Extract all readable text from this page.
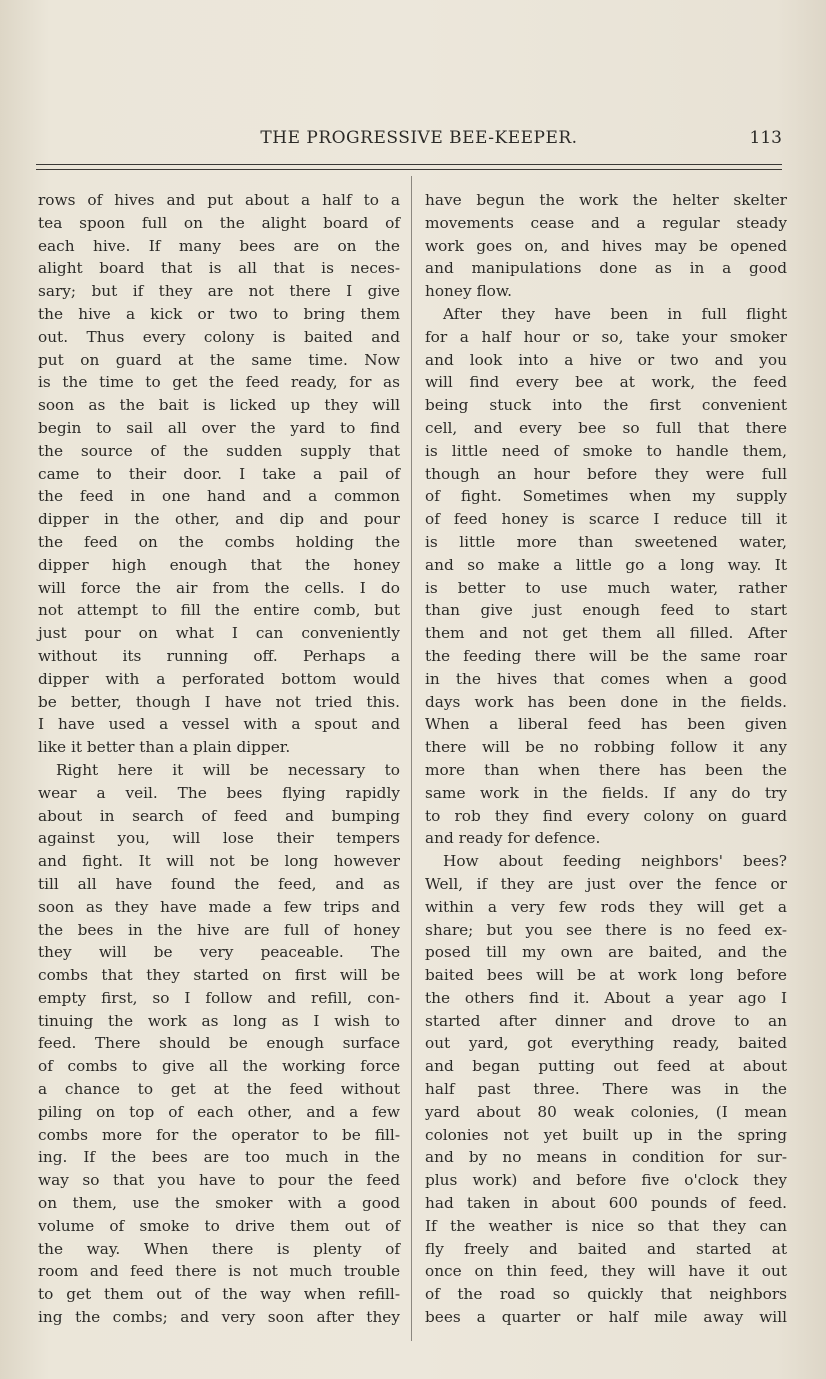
THE PROGRESSIVE BEE-KEEPER.	113
rows of hives and put about a half to a
tea spoon full on the alight board of
each hive. If many bees are on the
alight board that is all that is neces-
sary; but if they are not there I give
the hive a kick or two to bring them
out. Thus every colony is baited and
put on guard at the same time. Now
is the time to get the feed ready, for as
soon as the bait is licked up they will
begin to sail all over the yard to find
the source of the sudden supply that
came to their door. I take a pail of
the feed in one hand and a common
dipper in the other, and dip and pour
the feed on the combs holding the
dipper high enough that the honey
will force the air from the cells. I do
not attempt to fill the entire comb, but
just pour on what I can conveniently
without its running off. Perhaps a
dipper with a perforated bottom would
be better, though I have not tried this.
I have used a vessel with a spout and
like it better than a plain dipper.
Right here it will be necessary to
wear a veil. The bees flying rapidly
about in search of feed and bumping
against you, will lose their tempers
and fight. It will not be long however
till all have found the feed, and as
soon as they have made a few trips and
the bees in the hive are full of honey
they will be very peaceable. The
combs that they started on first will be
empty first, so I follow and refill, con-
tinuing the work as long as I wish to
feed. There should be enough surface
of combs to give all the working force
a chance to get at the feed without
piling on top of each other, and a few
combs more for the operator to be fill-
ing. If the bees are too much in the
way so that you have to pour the feed
on them, use the smoker with a good
volume of smoke to drive them out of
the way. When there is plenty of
room and feed there is not much trouble
to get them out of the way when refill-
ing the combs; and very soon after they
have begun the work the helter skelter
movements cease and a regular steady
work goes on, and hives may be opened
and manipulations done as in a good
honey flow.
After they have been in full flight
for a half hour or so, take your smoker
and look into a hive or two and you
will find every bee at work, the feed
being stuck into the first convenient
cell, and every bee so full that there
is little need of smoke to handle them,
though an hour before they were full
of fight. Sometimes when my supply
of feed honey is scarce I reduce till it
is little more than sweetened water,
and so make a little go a long way. It
is better to use much water, rather
than give just enough feed to start
them and not get them all filled. After
the feeding there will be the same roar
in the hives that comes when a good
days work has been done in the fields.
When a liberal feed has been given
there will be no robbing follow it any
more than when there has been the
same work in the fields. If any do try
to rob they find every colony on guard
and ready for defence.
How about feeding neighbors' bees?
Well, if they are just over the fence or
within a very few rods they will get a
share; but you see there is no feed ex-
posed till my own are baited, and the
baited bees will be at work long before
the others find it. About a year ago I
started after dinner and drove to an
out yard, got everything ready, baited
and began putting out feed at about
half past three. There was in the
yard about 80 weak colonies, (I mean
colonies not yet built up in the spring
and by no means in condition for sur-
plus work) and before five o'clock they
had taken in about 600 pounds of feed.
If the weather is nice so that they can
fly freely and baited and started at
once on thin feed, they will have it out
of the road so quickly that neighbors
bees a quarter or half mile away will
